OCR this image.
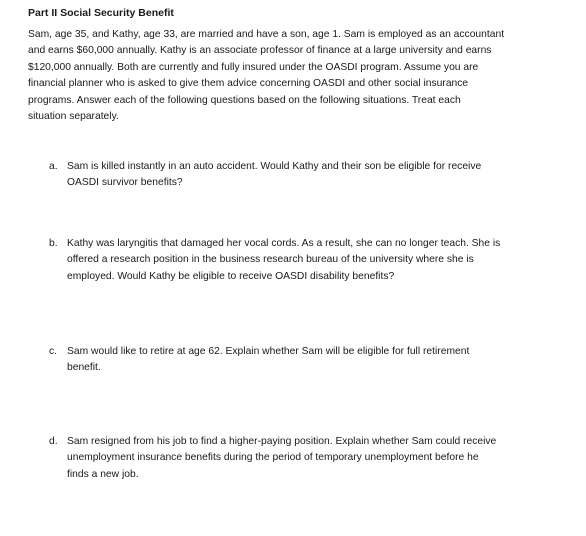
Part II Social Security Benefit
Sam, age 35, and Kathy, age 33, are married and have a son, age 1. Sam is employed as an accountant
and earns $60,000 annually. Kathy is an associate professor of finance at a large university and earns
$120,000 annually. Both are currently and fully insured under the OASDI program. Assume you are
financial planner who is asked to give them advice concerning OASDI and other social insurance
programs. Answer each of the following questions based on the following situations. Treat each
situation separately.
a. Sam is killed instantly in an auto accident. Would Kathy and their son be eligible for receive
OASDI survivor benefits?
b. Kathy was laryngitis that damaged her vocal cords. As a result, she can no longer teach. She is
offered a research position in the business research bureau of the university where she is
employed. Would Kathy be eligible to receive OASDI disability benefits?
c. Sam would like to retire at age 62. Explain whether Sam will be eligible for full retirement
benefit.
d. Sam resigned from his job to find a higher-paying position. Explain whether Sam could receive
unemployment insurance benefits during the period of temporary unemployment before he
finds a new job.
